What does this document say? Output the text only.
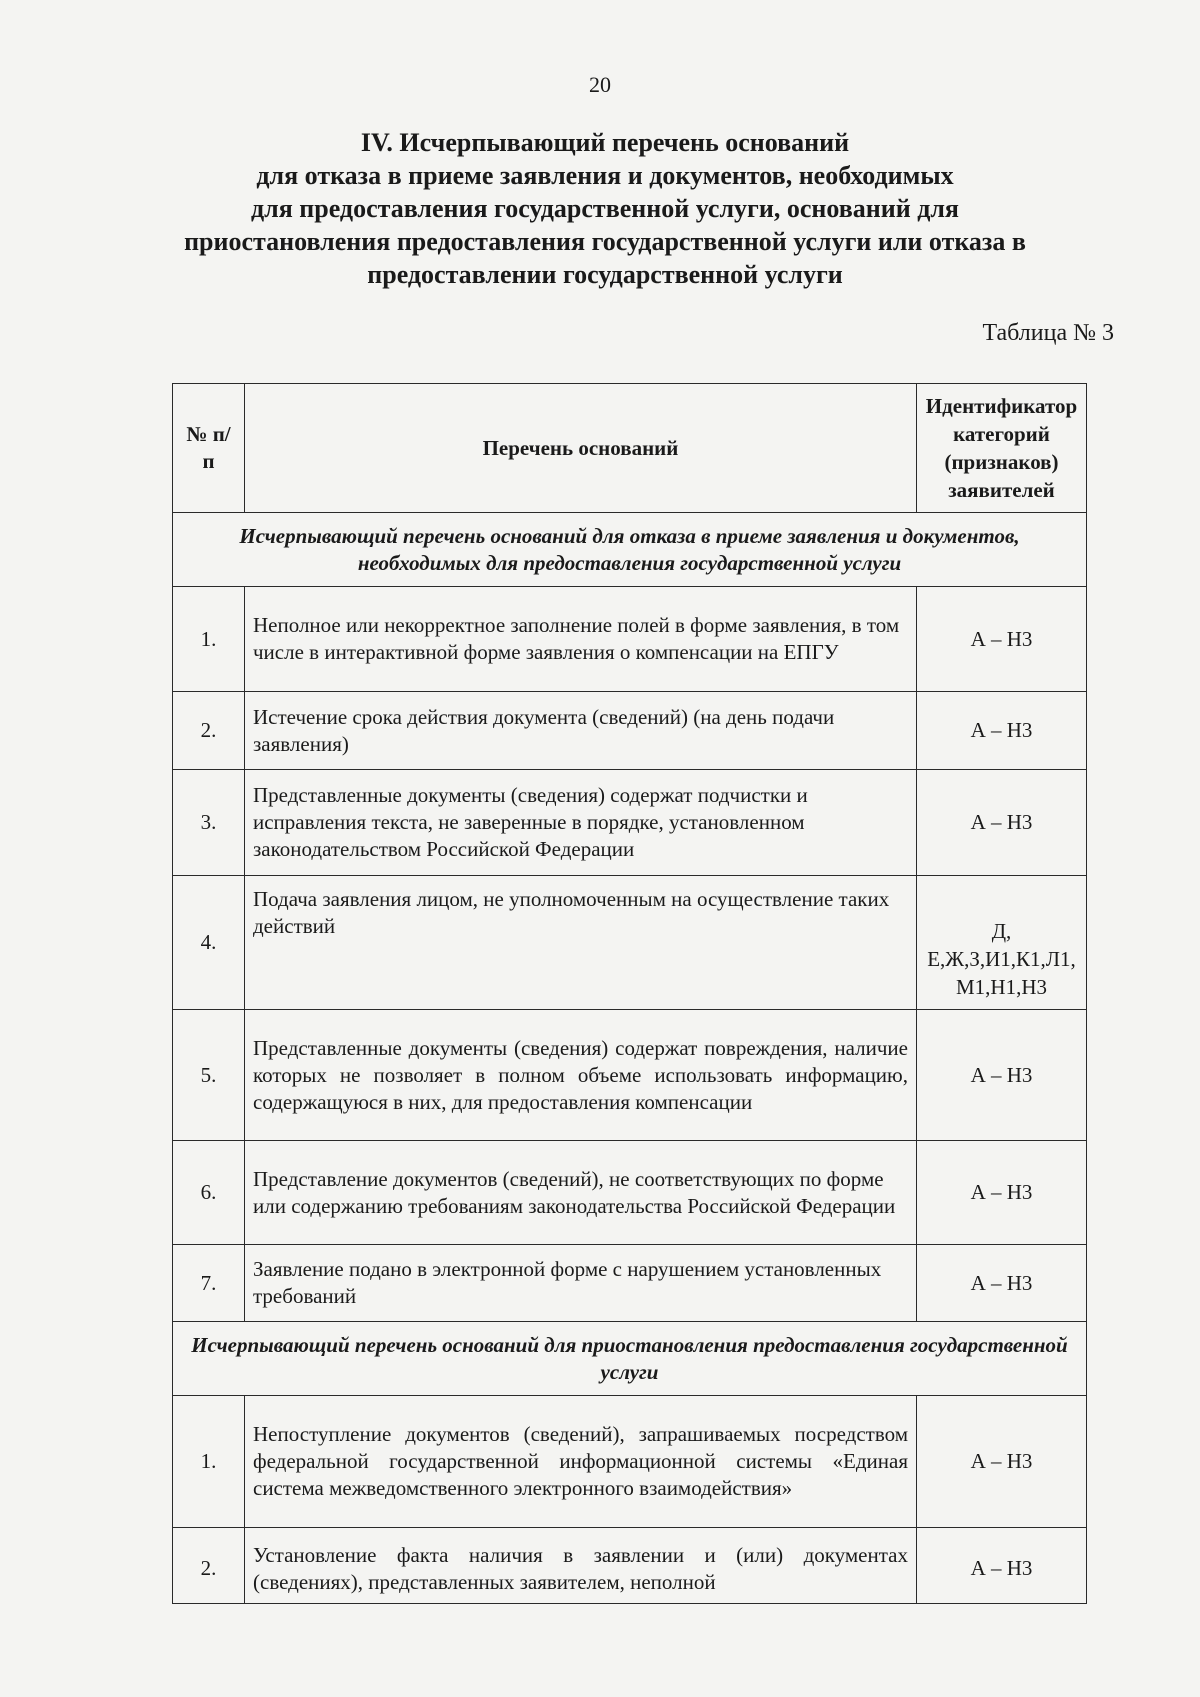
20
IV. Исчерпывающий перечень оснований
для отказа в приеме заявления и документов, необходимых
для предоставления государственной услуги, оснований для
приостановления предоставления государственной услуги или отказа в
предоставлении государственной услуги
Таблица № 3
№ п/п	Перечень оснований	Идентификатор категорий (признаков) заявителей
Исчерпывающий перечень оснований для отказа в приеме заявления и документов, необходимых для предоставления государственной услуги		
1.	Неполное или некорректное заполнение полей в форме заявления, в том числе в интерактивной форме заявления о компенсации на ЕПГУ	А – Н3
2.	Истечение срока действия документа (сведений) (на день подачи заявления)	А – Н3
3.	Представленные документы (сведения) содержат подчистки и исправления текста, не заверенные в порядке, установленном законодательством Российской Федерации	А – Н3
4.	Подача заявления лицом, не уполномоченным на осуществление таких действий	Д, Е,Ж,З,И1,К1,Л1, М1,Н1,Н3
5.	Представленные документы (сведения) содержат повреждения, наличие которых не позволяет в полном объеме использовать информацию, содержащуюся в них, для предоставления компенсации	А – Н3
6.	Представление документов (сведений), не соответствующих по форме или содержанию требованиям законодательства Российской Федерации	А – Н3
7.	Заявление подано в электронной форме с нарушением установленных требований	А – Н3
Исчерпывающий перечень оснований для приостановления предоставления государственной услуги		
1.	Непоступление документов (сведений), запрашиваемых посредством федеральной государственной информационной системы «Единая система межведомственного электронного взаимодействия»	А – Н3
2.	Установление факта наличия в заявлении и (или) документах (сведениях), представленных заявителем, неполной	А – Н3
